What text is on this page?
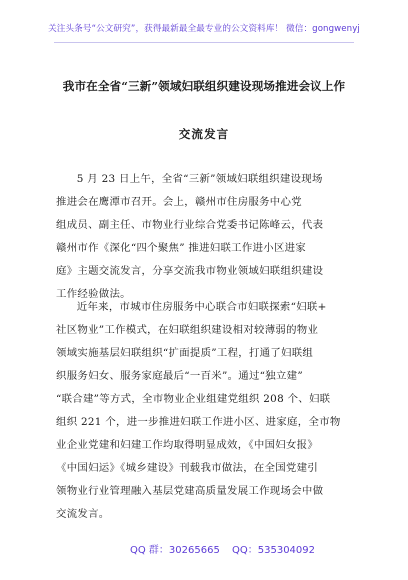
关注头条号“公文研究”，获得最新最全最专业的公文资料库！ 微信：gongwenyj
我市在全省“三新”领域妇联组织建设现场推进会议上作
交流发言
5 月 23 日上午，全省“三新”领域妇联组织建设现场
推进会在鹰潭市召开。会上，赣州市住房服务中心党
组成员、副主任、市物业行业综合党委书记陈峰云，代表
赣州市作《深化“四个聚焦” 推进妇联工作进小区进家
庭》主题交流发言，分享交流我市物业领域妇联组织建设
工作经验做法。
近年来，市城市住房服务中心联合市妇联探索“妇联+
社区物业”工作模式，在妇联组织建设相对较薄弱的物业
领域实施基层妇联组织“扩面提质”工程，打通了妇联组
织服务妇女、服务家庭最后“一百米”。通过“独立建”
“联合建”等方式，全市物业企业组建党组织 208 个、妇联
组织 221 个，进一步推进妇联工作进小区、进家庭，全市物
业企业党建和妇建工作均取得明显成效，《中国妇女报》
《中国妇运》《城乡建设》刊载我市做法，在全国党建引
领物业行业管理融入基层党建高质量发展工作现场会中做
交流发言。
QQ 群：30265665 QQ：535304092
